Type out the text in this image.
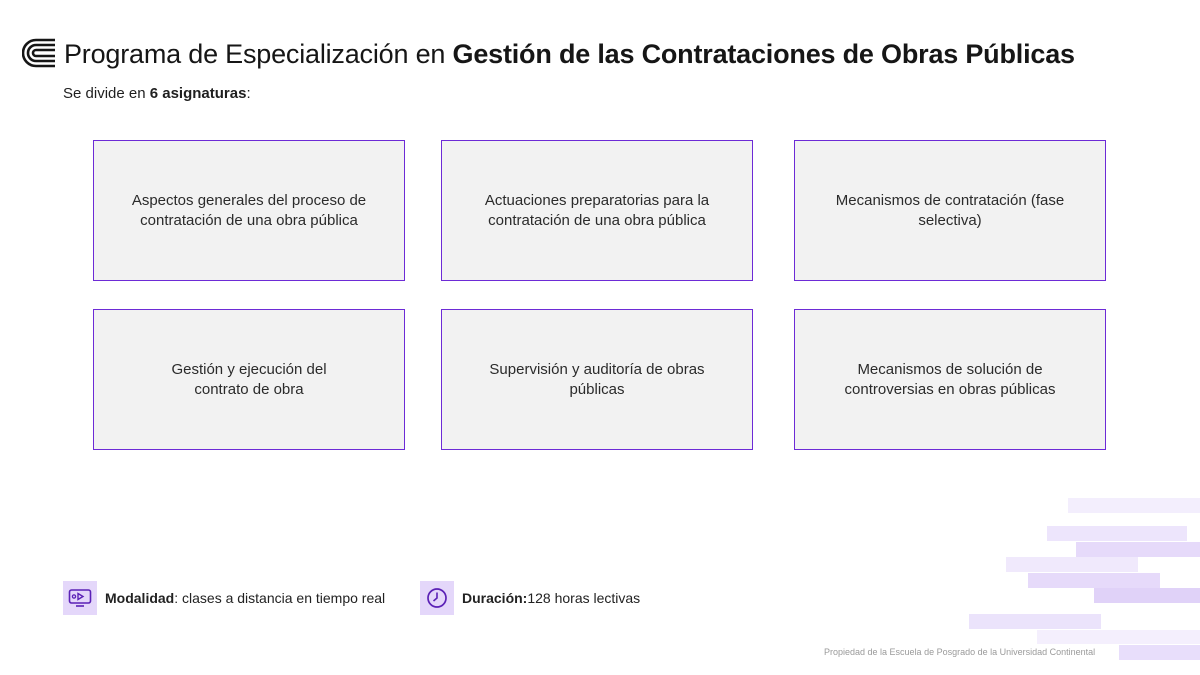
Programa de Especialización en Gestión de las Contrataciones de Obras Públicas
Se divide en 6 asignaturas:
Aspectos generales del proceso de contratación de una obra pública
Actuaciones preparatorias para la contratación de una obra pública
Mecanismos de contratación (fase selectiva)
Gestión y ejecución del contrato de obra
Supervisión y auditoría de obras públicas
Mecanismos de solución de controversias en obras públicas
Modalidad : clases a distancia en tiempo real	Duración: 128 horas lectivas
Propiedad de la Escuela de Posgrado de la Universidad Continental
